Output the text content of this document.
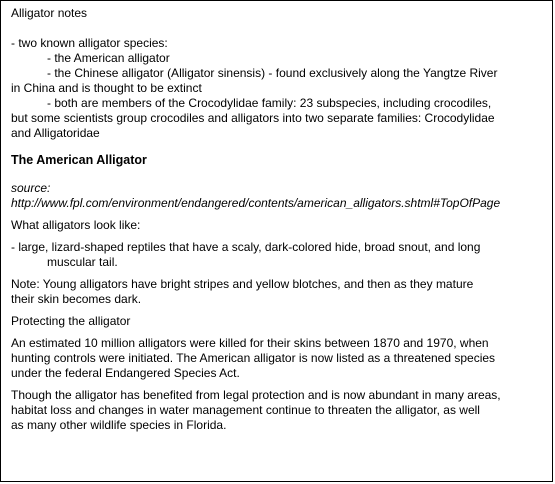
Alligator notes

- two known alligator species:

- the American alligator

- the Chinese alligator (Alligator sinensis) - found exclusively along the Yangtze River

in China and is thought to be extinct

- both are members of the Crocodylidae family: 23 subspecies, including crocodiles,

but some scientists group crocodiles and alligators into two separate families: Crocodylidae

and Alligatoridae

The American Alligator

source:

http://www.fpl.com/environment/endangered/contents/american_alligators.shtml#TopOfPage

What alligators look like:

- large, lizard-shaped reptiles that have a scaly, dark-colored hide, broad snout, and long

muscular tail.

Note: Young alligators have bright stripes and yellow blotches, and then as they mature

their skin becomes dark.

Protecting the alligator

An estimated 10 million alligators were killed for their skins between 1870 and 1970, when

hunting controls were initiated. The American alligator is now listed as a threatened species

under the federal Endangered Species Act.

Though the alligator has benefited from legal protection and is now abundant in many areas,

habitat loss and changes in water management continue to threaten the alligator, as well

as many other wildlife species in Florida.
